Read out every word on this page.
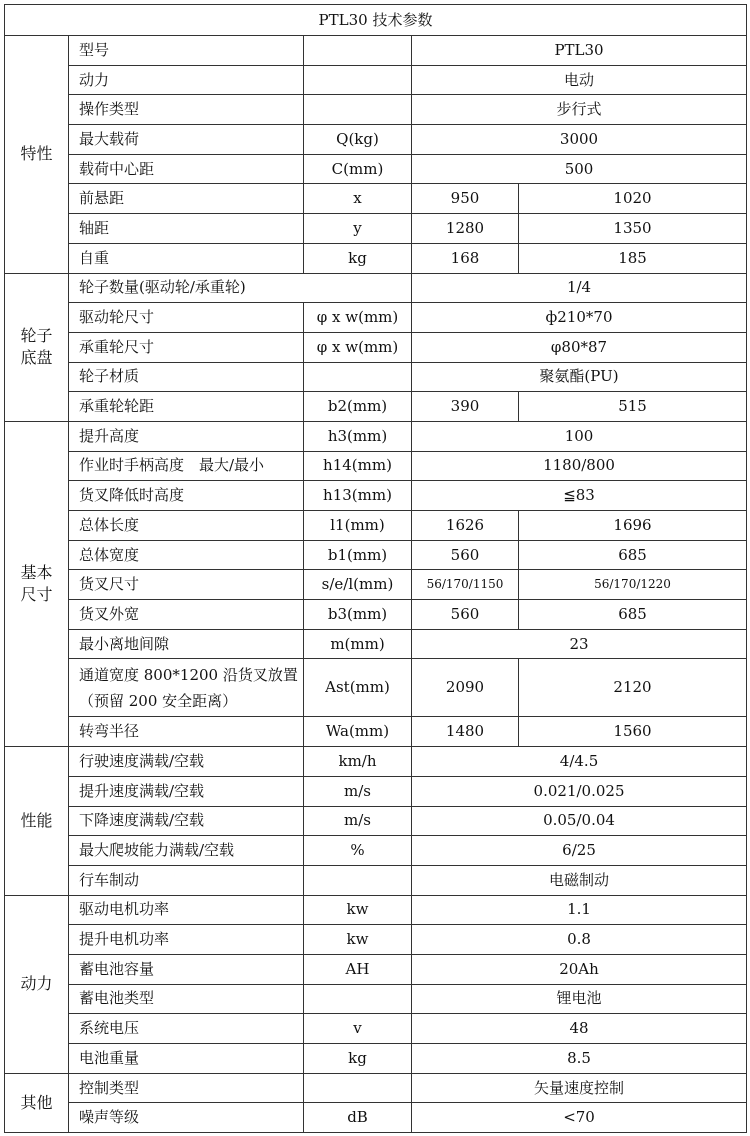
PTL30 技术参数				
特性	型号		PTL30	
	动力		电动	
	操作类型		步行式	
	最大载荷	Q(kg)	3000	
	载荷中心距	C(mm)	500	
	前悬距	x	950	1020
	轴距	y	1280	1350
	自重	kg	168	185

轮子底盘	轮子数量(驱动轮/承重轮)		1/4	
	驱动轮尺寸	φ x w(mm)	ф210*70	
	承重轮尺寸	φ x w(mm)	φ80*87	
	轮子材质		聚氨酯(PU)	
	承重轮轮距	b2(mm)	390	515

基本尺寸	提升高度	h3(mm)	100	
	作业时手柄高度　最大/最小	h14(mm)	1180/800	
	货叉降低时高度	h13(mm)	≦83	
	总体长度	l1(mm)	1626	1696
	总体宽度	b1(mm)	560	685
	货叉尺寸	s/e/l(mm)	56/170/1150	56/170/1220
	货叉外宽	b3(mm)	560	685
	最小离地间隙	m(mm)	23	
	通道宽度 800*1200 沿货叉放置（预留 200 安全距离）	Ast(mm)	2090	2120
	转弯半径	Wa(mm)	1480	1560
性能	行驶速度满载/空载	km/h	4/4.5	
	提升速度满载/空载	m/s	0.021/0.025	
	下降速度满载/空载	m/s	0.05/0.04	
	最大爬坡能力满载/空载	%	6/25	
	行车制动		电磁制动	
动力	驱动电机功率	kw	1.1	
	提升电机功率	kw	0.8	
	蓄电池容量	AH	20Ah	
	蓄电池类型		锂电池	
	系统电压	v	48	
	电池重量	kg	8.5	
其他	控制类型		矢量速度控制	
	噪声等级	dB	<70	
